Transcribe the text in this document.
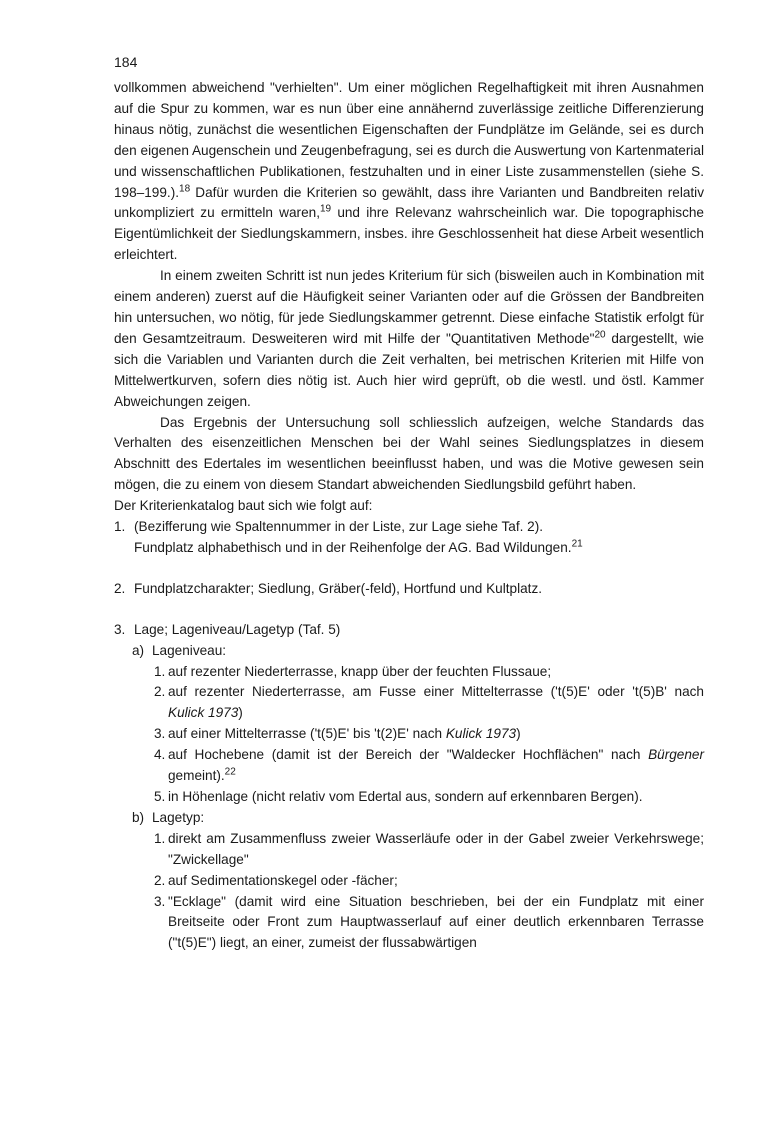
184

vollkommen abweichend "verhielten". Um einer möglichen Regelhaftigkeit mit ihren Ausnahmen auf die Spur zu kommen, war es nun über eine annähernd zuverlässige zeitliche Differenzierung hinaus nötig, zunächst die wesentlichen Eigenschaften der Fundplätze im Gelände, sei es durch den eigenen Augenschein und Zeugenbefragung, sei es durch die Auswertung von Kartenmaterial und wissenschaftlichen Publikationen, festzuhalten und in einer Liste zusammenstellen (siehe S. 198–199.).$^{18}$ Dafür wurden die Kriterien so gewählt, dass ihre Varianten und Bandbreiten relativ unkompliziert zu ermitteln waren,$^{19}$ und ihre Relevanz wahrscheinlich war. Die topographische Eigentümlichkeit der Siedlungskammern, insbes. ihre Geschlossenheit hat diese Arbeit wesentlich erleichtert.

In einem zweiten Schritt ist nun jedes Kriterium für sich (bisweilen auch in Kombination mit einem anderen) zuerst auf die Häufigkeit seiner Varianten oder auf die Grössen der Bandbreiten hin untersuchen, wo nötig, für jede Siedlungskammer getrennt. Diese einfache Statistik erfolgt für den Gesamtzeitraum. Desweiteren wird mit Hilfe der "Quantitativen Methode"$^{20}$ dargestellt, wie sich die Variablen und Varianten durch die Zeit verhalten, bei metrischen Kriterien mit Hilfe von Mittelwertkurven, sofern dies nötig ist. Auch hier wird geprüft, ob die westl. und östl. Kammer Abweichungen zeigen.

Das Ergebnis der Untersuchung soll schliesslich aufzeigen, welche Standards das Verhalten des eisenzeitlichen Menschen bei der Wahl seines Siedlungsplatzes in diesem Abschnitt des Edertales im wesentlichen beeinflusst haben, und was die Motive gewesen sein mögen, die zu einem von diesem Standart abweichenden Siedlungsbild geführt haben.

Der Kriterienkatalog baut sich wie folgt auf:

1. (Bezifferung wie Spaltennummer in der Liste, zur Lage siehe Taf. 2).
Fundplatz alphabethisch und in der Reihenfolge der AG. Bad Wildungen.$^{21}$
2. Fundplatzcharakter; Siedlung, Gräber(-feld), Hortfund und Kultplatz.
3. Lage; Lageniveau/Lagetyp (Taf. 5)
a) Lageniveau:
1. auf rezenter Niederterrasse, knapp über der feuchten Flussaue;
2. auf rezenter Niederterrasse, am Fusse einer Mittelterrasse ('t(5)E' oder 't(5)B' nach Kulick 1973)
3. auf einer Mittelterrasse ('t(5)E' bis 't(2)E' nach Kulick 1973)
4. auf Hochebene (damit ist der Bereich der "Waldecker Hochflächen" nach Bürgener gemeint).$^{22}$
5. in Höhenlage (nicht relativ vom Edertal aus, sondern auf erkennbaren Bergen).
b) Lagetyp:
1. direkt am Zusammenfluss zweier Wasserläufe oder in der Gabel zweier Verkehrswege; "Zwickellage"
2. auf Sedimentationskegel oder -fächer;
3. "Ecklage" (damit wird eine Situation beschrieben, bei der ein Fundplatz mit einer Breitseite oder Front zum Hauptwasserlauf auf einer deutlich erkennbaren Terrasse ("t(5)E") liegt, an einer, zumeist der flussabwärtigen
